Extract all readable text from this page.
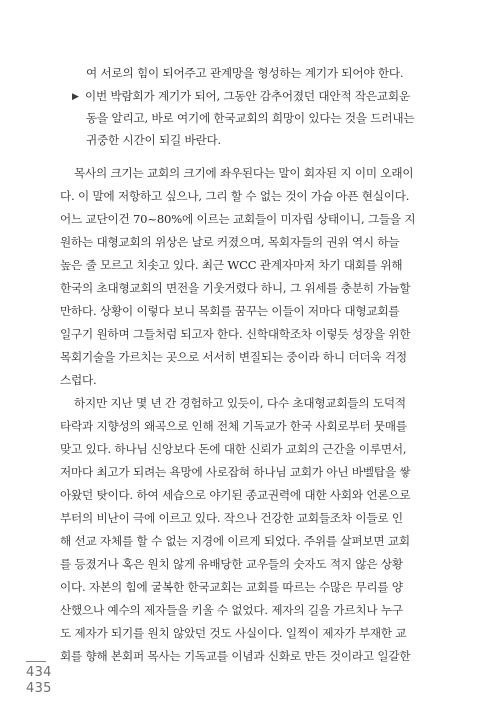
여 서로의 힘이 되어주고 관계망을 형성하는 계기가 되어야 한다.
▶ 이번 박람회가 계기가 되어, 그동안 감추어졌던 대안적 작은교회운
동을 알리고, 바로 여기에 한국교회의 희망이 있다는 것을 드러내는
귀중한 시간이 되길 바란다.
목사의 크기는 교회의 크기에 좌우된다는 말이 회자된 지 이미 오래이
다. 이 말에 저항하고 싶으나, 그리 할 수 없는 것이 가슴 아픈 현실이다.
어느 교단이건 70~80%에 이르는 교회들이 미자립 상태이니, 그들을 지
원하는 대형교회의 위상은 날로 커졌으며, 목회자들의 권위 역시 하늘
높은 줄 모르고 치솟고 있다. 최근 WCC 관계자마저 차기 대회를 위해
한국의 초대형교회의 면전을 기웃거렸다 하니, 그 위세를 충분히 가늠할
만하다. 상황이 이렇다 보니 목회를 꿈꾸는 이들이 저마다 대형교회를
일구기 원하며 그들처럼 되고자 한다. 신학대학조차 이렇듯 성장을 위한
목회기술을 가르치는 곳으로 서서히 변질되는 중이라 하니 더더욱 걱정
스럽다.
하지만 지난 몇 년 간 경험하고 있듯이, 다수 초대형교회들의 도덕적
타락과 지향성의 왜곡으로 인해 전체 기독교가 한국 사회로부터 뭇매를
맞고 있다. 하나님 신앙보다 돈에 대한 신뢰가 교회의 근간을 이루면서,
저마다 최고가 되려는 욕망에 사로잡혀 하나님 교회가 아닌 바벨탑을 쌓
아왔던 탓이다. 하여 세습으로 야기된 종교권력에 대한 사회와 언론으로
부터의 비난이 극에 이르고 있다. 작으나 건강한 교회들조차 이들로 인
해 선교 자체를 할 수 없는 지경에 이르게 되었다. 주위를 살펴보면 교회
를 등졌거나 혹은 원치 않게 유배당한 교우들의 숫자도 적지 않은 상황
이다. 자본의 힘에 굴복한 한국교회는 교회를 따르는 수많은 무리를 양
산했으나 예수의 제자들을 키울 수 없었다. 제자의 길을 가르치나 누구
도 제자가 되기를 원치 않았던 것도 사실이다. 일찍이 제자가 부재한 교
회를 향해 본회퍼 목사는 기독교를 이념과 신화로 만든 것이라고 일갈한
434
435
